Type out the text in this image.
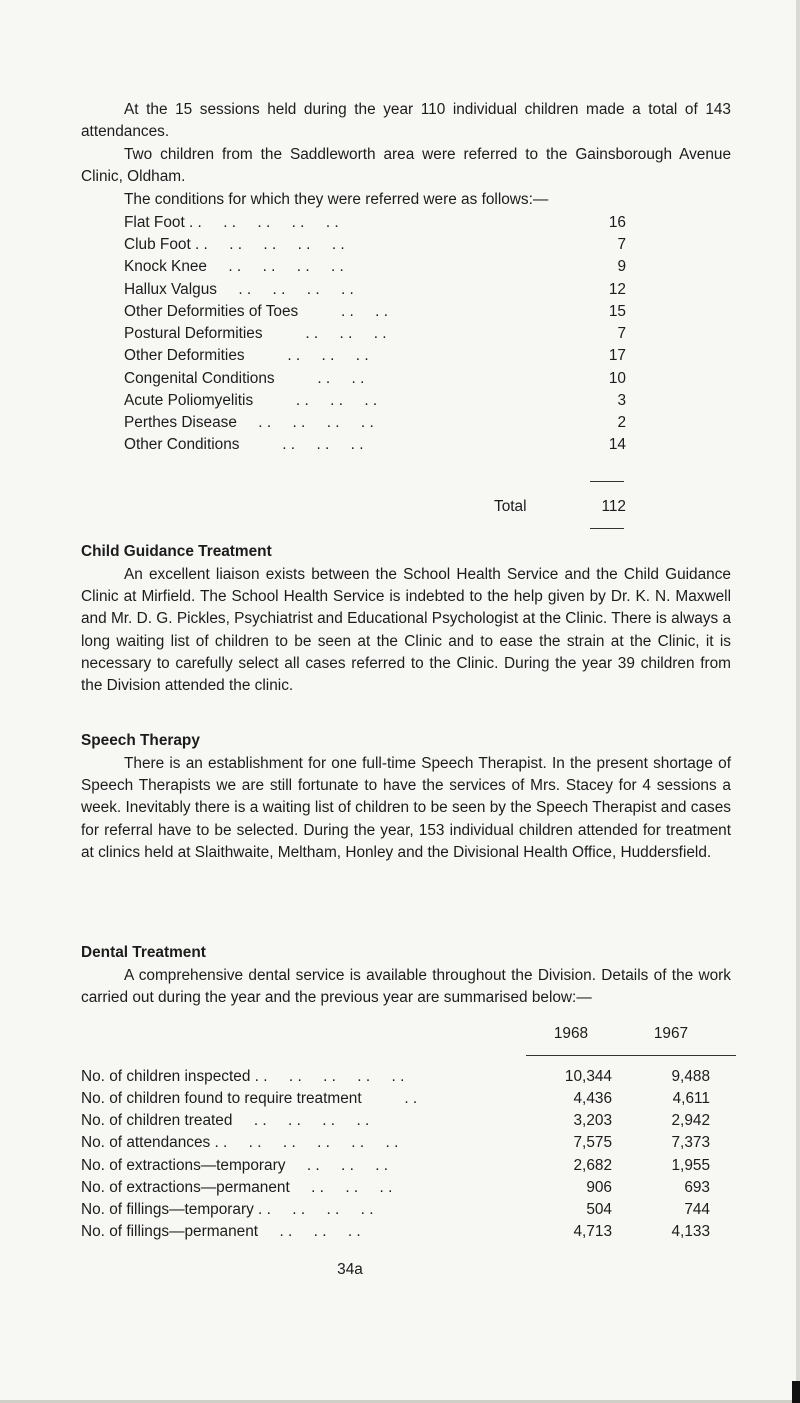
At the 15 sessions held during the year 110 individual children made a total of 143 attendances.

Two children from the Saddleworth area were referred to the Gainsborough Avenue Clinic, Oldham.

The conditions for which they were referred were as follows:—

Flat Foot . .     . .     . .     . .     . .	16
Club Foot . .     . .     . .     . .     . .	7
Knock Knee     . .     . .     . .     . .	9
Hallux Valgus     . .     . .     . .     . .	12
Other Deformities of Toes          . .     . .	15
Postural Deformities          . .     . .     . .	7
Other Deformities          . .     . .     . .	17
Congenital Conditions          . .     . .	10
Acute Poliomyelitis          . .     . .     . .	3
Perthes Disease     . .     . .     . .     . .	2
Other Conditions          . .     . .     . .	14
Total	112
Child Guidance Treatment

An excellent liaison exists between the School Health Service and the Child Guidance Clinic at Mirfield. The School Health Service is indebted to the help given by Dr. K. N. Maxwell and Mr. D. G. Pickles, Psychiatrist and Educational Psychologist at the Clinic. There is always a long waiting list of children to be seen at the Clinic and to ease the strain at the Clinic, it is necessary to carefully select all cases referred to the Clinic. During the year 39 children from the Division attended the clinic.

Speech Therapy

There is an establishment for one full-time Speech Therapist. In the present shortage of Speech Therapists we are still fortunate to have the services of Mrs. Stacey for 4 sessions a week. Inevitably there is a waiting list of children to be seen by the Speech Therapist and cases for referral have to be selected. During the year, 153 individual children attended for treatment at clinics held at Slaithwaite, Meltham, Honley and the Divisional Health Office, Huddersfield.

Dental Treatment

A comprehensive dental service is available throughout the Division. Details of the work carried out during the year and the previous year are summarised below:—

1968	1967
No. of children inspected . .     . .     . .     . .     . .	10,344	9,488
No. of children found to require treatment          . .	4,436	4,611
No. of children treated     . .     . .     . .     . .	3,203	2,942
No. of attendances . .     . .     . .     . .     . .     . .	7,575	7,373
No. of extractions—temporary     . .     . .     . .	2,682	1,955
No. of extractions—permanent     . .     . .     . .	906	693
No. of fillings—temporary . .     . .     . .     . .	504	744
No. of fillings—permanent     . .     . .     . .	4,713	4,133
34a
